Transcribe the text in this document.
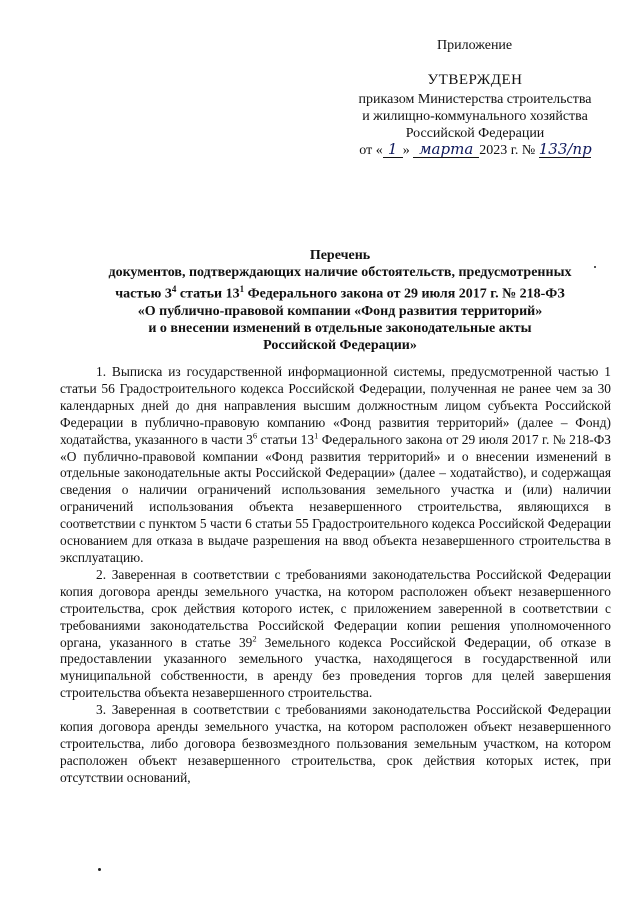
Приложение
УТВЕРЖДЕН
приказом Министерства строительства
и жилищно-коммунального хозяйства
Российской Федерации
от « 1 » марта 2023 г. № 133/пр
Перечень
документов, подтверждающих наличие обстоятельств, предусмотренных
частью $3^4$ статьи $13^1$ Федерального закона от 29 июля 2017 г. № 218-ФЗ
«О публично-правовой компании «Фонд развития территорий»
и о внесении изменений в отдельные законодательные акты
Российской Федерации»

1. Выписка из государственной информационной системы, предусмотренной частью 1 статьи 56 Градостроительного кодекса Российской Федерации, полученная не ранее чем за 30 календарных дней до дня направления высшим должностным лицом субъекта Российской Федерации в публично-правовую компанию «Фонд развития территорий» (далее – Фонд) ходатайства, указанного в части $3^6$ статьи $13^1$ Федерального закона от 29 июля 2017 г. № 218-ФЗ «О публично-правовой компании «Фонд развития территорий» и о внесении изменений в отдельные законодательные акты Российской Федерации» (далее – ходатайство), и содержащая сведения о наличии ограничений использования земельного участка и (или) наличии ограничений использования объекта незавершенного строительства, являющихся в соответствии с пунктом 5 части 6 статьи 55 Градостроительного кодекса Российской Федерации основанием для отказа в выдаче разрешения на ввод объекта незавершенного строительства в эксплуатацию.

2. Заверенная в соответствии с требованиями законодательства Российской Федерации копия договора аренды земельного участка, на котором расположен объект незавершенного строительства, срок действия которого истек, с приложением заверенной в соответствии с требованиями законодательства Российской Федерации копии решения уполномоченного органа, указанного в статье $39^2$ Земельного кодекса Российской Федерации, об отказе в предоставлении указанного земельного участка, находящегося в государственной или муниципальной собственности, в аренду без проведения торгов для целей завершения строительства объекта незавершенного строительства.

3. Заверенная в соответствии с требованиями законодательства Российской Федерации копия договора аренды земельного участка, на котором расположен объект незавершенного строительства, либо договора безвозмездного пользования земельным участком, на котором расположен объект незавершенного строительства, срок действия которых истек, при отсутствии оснований,
